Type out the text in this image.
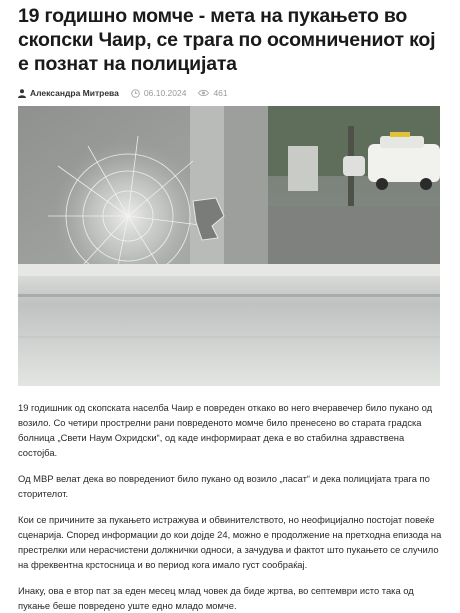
19 годишно момче - мета на пукањето во скопски Чаир, се трага по осомничениот кој е познат на полицијата
Александра Митрева	06.10.2024	461

19 годишник од скопската населба Чаир е повреден откако во него вчеравечер било пукано од возило. Со четири прострелни рани повреденото момче било пренесено во старата градска болница „Свети Наум Охридски“, од каде информираат дека е во стабилна здравствена состојба.

Од МВР велат дека во повредениот било пукано од возило „пасат“ и дека полицијата трага по сторителот.

Кои се причините за пукањето истражува и обвинителството, но неофицијално постојат повеќе сценарија. Според информации до кои дојде 24, можно е продолжение на претходна епизода на престрелки или нерасчистени должнички односи, а зачудува и фактот што пукањето се случило на фреквентна крстосница и во период кога имало густ сообраќај.

Инаку, ова е втор пат за еден месец млад човек да биде жртва, во септември исто така од пукање беше повредено уште едно младо момче.
